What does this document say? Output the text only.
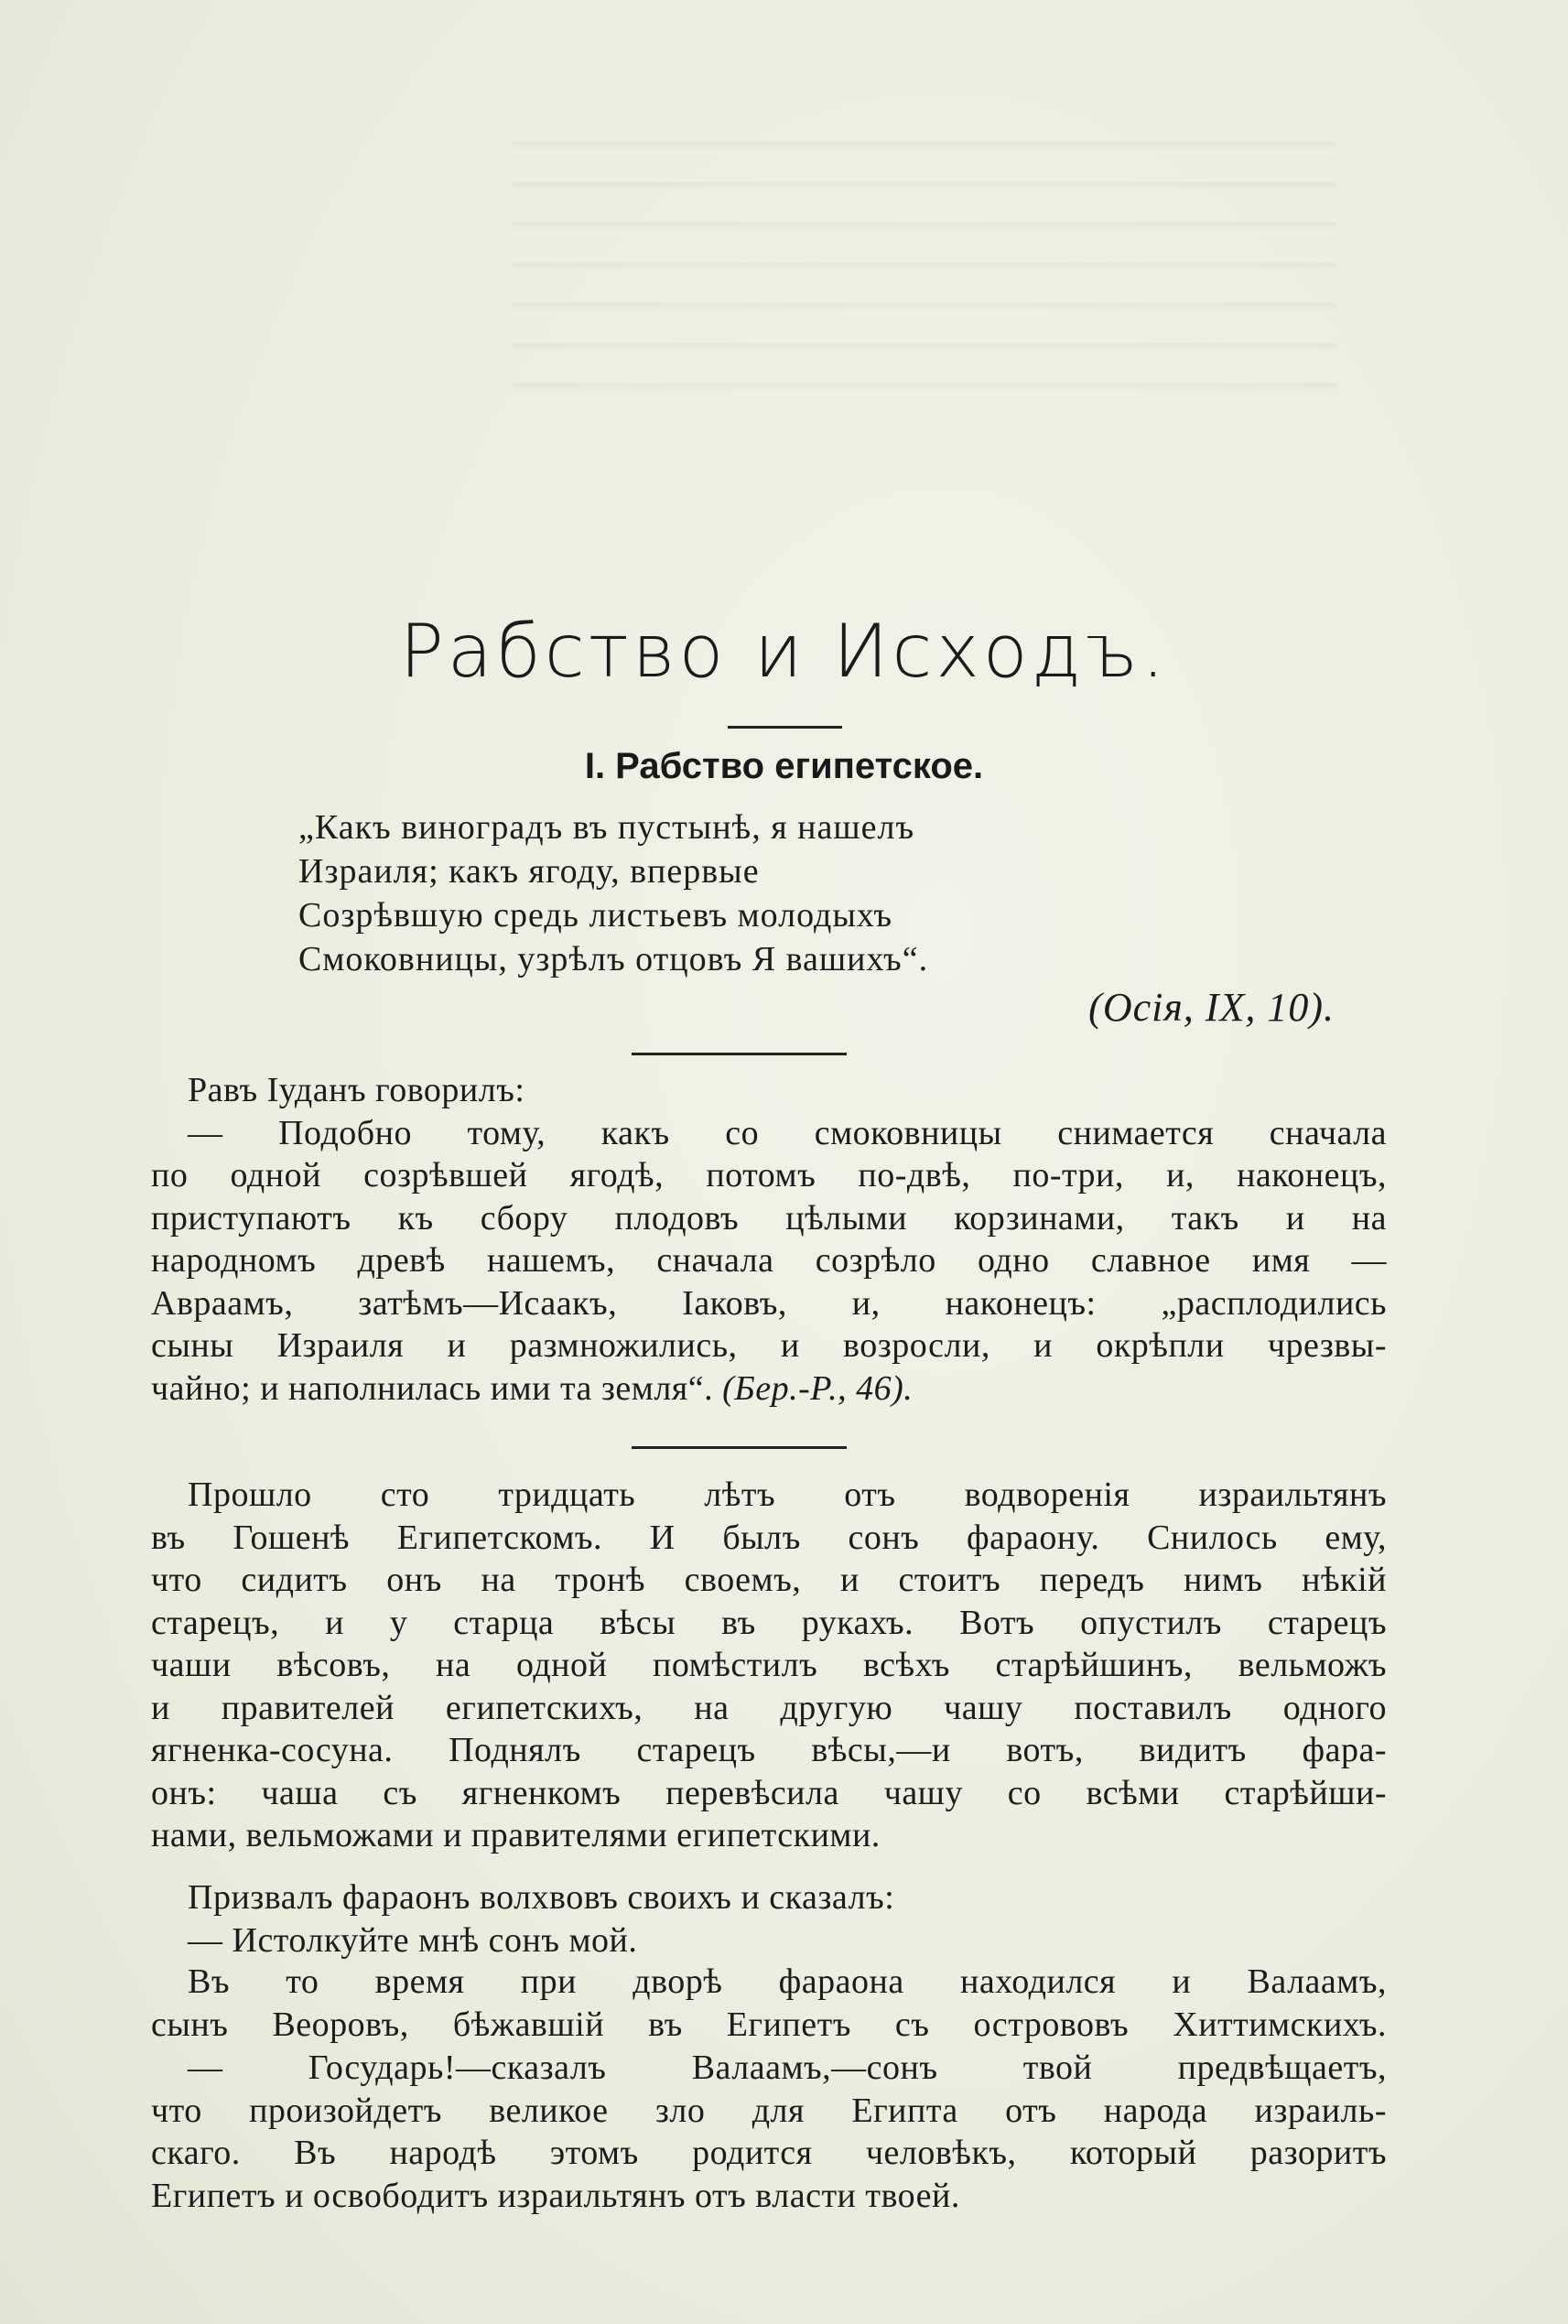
Рабство и Исходъ.
I. Рабство египетское.
„Какъ виноградъ въ пустынѣ, я нашелъ
Израиля; какъ ягоду, впервые
Созрѣвшую средь листьевъ молодыхъ
Смоковницы, узрѣлъ отцовъ Я вашихъ“.
(Осiя, IX, 10).
Равъ Iуданъ говорилъ:
— Подобно тому, какъ со смоковницы снимается сначала
по одной созрѣвшей ягодѣ, потомъ по-двѣ, по-три, и, наконецъ,
приступаютъ къ сбору плодовъ цѣлыми корзинами, такъ и на
народномъ древѣ нашемъ, сначала созрѣло одно славное имя —
Авраамъ, затѣмъ—Исаакъ, Iаковъ, и, наконецъ: „расплодились
сыны Израиля и размножились, и возросли, и окрѣпли чрезвы-
чайно; и наполнилась ими та земля“. (Бер.-Р., 46).
Прошло сто тридцать лѣтъ отъ водворенiя израильтянъ
въ Гошенѣ Египетскомъ. И былъ сонъ фараону. Снилось ему,
что сидитъ онъ на тронѣ своемъ, и стоитъ передъ нимъ нѣкiй
старецъ, и у старца вѣсы въ рукахъ. Вотъ опустилъ старецъ
чаши вѣсовъ, на одной помѣстилъ всѣхъ старѣйшинъ, вельможъ
и правителей египетскихъ, на другую чашу поставилъ одного
ягненка-сосуна. Поднялъ старецъ вѣсы,—и вотъ, видитъ фара-
онъ: чаша съ ягненкомъ перевѣсила чашу со всѣми старѣйши-
нами, вельможами и правителями египетскими.
Призвалъ фараонъ волхвовъ своихъ и сказалъ:
— Истолкуйте мнѣ сонъ мой.
Въ то время при дворѣ фараона находился и Валаамъ,
сынъ Веоровъ, бѣжавшiй въ Египетъ съ острововъ Хиттимскихъ.
— Государь!—сказалъ Валаамъ,—сонъ твой предвѣщаетъ,
что произойдетъ великое зло для Египта отъ народа израиль-
скаго. Въ народѣ этомъ родится человѣкъ, который разоритъ
Египетъ и освободитъ израильтянъ отъ власти твоей.
